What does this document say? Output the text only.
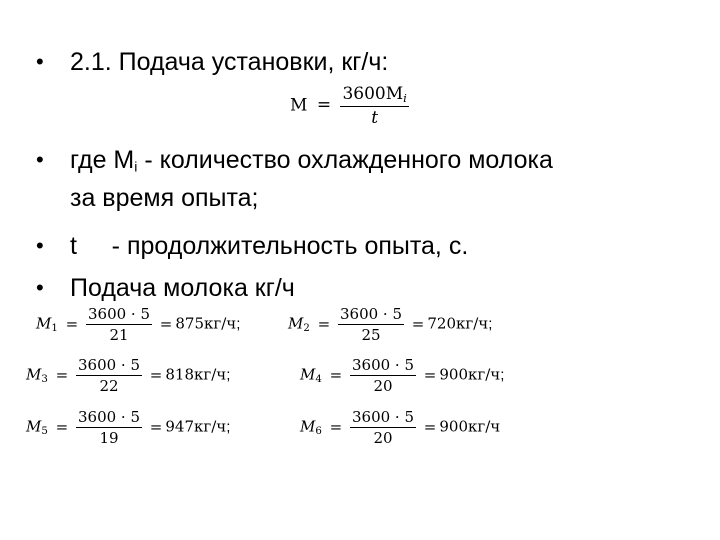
• 2.1. Подача установки, кг/ч:
$M = \frac{3600M_i}{t}$
• где $M_i$ - количество охлажденного молока
за время опыта;
• t     - продолжительность опыта, с.
• Подача молока кг/ч
$M_1 = \frac{3600 \cdot 5}{21} = 875кг/ч$;	$M_2 = \frac{3600 \cdot 5}{25} = 720кг/ч$;
$M_3 = \frac{3600 \cdot 5}{22} = 818кг/ч$;	$M_4 = \frac{3600 \cdot 5}{20} = 900кг/ч$;
$M_5 = \frac{3600 \cdot 5}{19} = 947кг/ч$;	$M_6 = \frac{3600 \cdot 5}{20} = 900кг/ч$
